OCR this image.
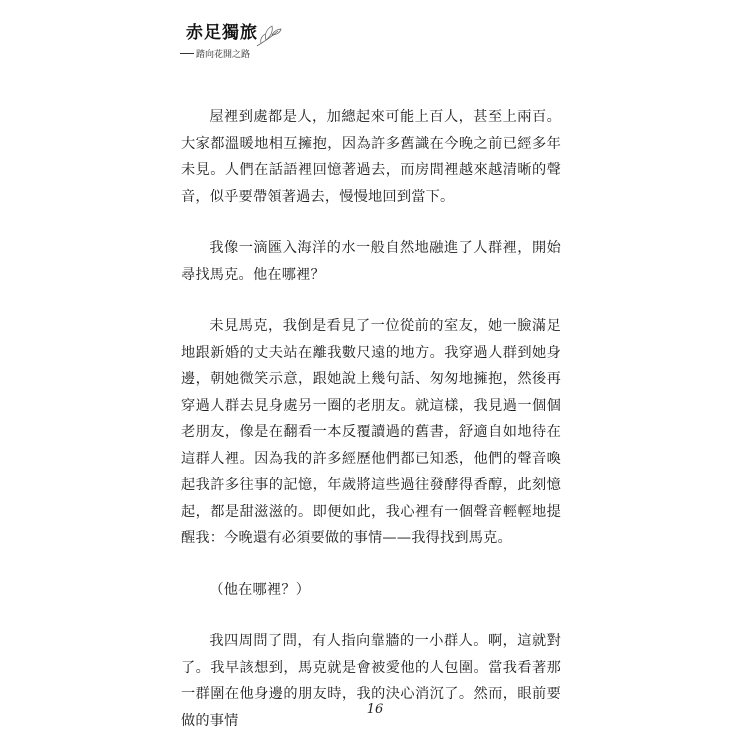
赤足獨旅
踏向花開之路

屋裡到處都是人，加總起來可能上百人，甚至上兩百。大家都溫暖地相互擁抱，因為許多舊識在今晚之前已經多年未見。人們在話語裡回憶著過去，而房間裡越來越清晰的聲音，似乎要帶領著過去，慢慢地回到當下。

我像一滴匯入海洋的水一般自然地融進了人群裡，開始尋找馬克。他在哪裡？

未見馬克，我倒是看見了一位從前的室友，她一臉滿足地跟新婚的丈夫站在離我數尺遠的地方。我穿過人群到她身邊，朝她微笑示意，跟她說上幾句話、匆匆地擁抱，然後再穿過人群去見身處另一圈的老朋友。就這樣，我見過一個個老朋友，像是在翻看一本反覆讀過的舊書，舒適自如地待在這群人裡。因為我的許多經歷他們都已知悉，他們的聲音喚起我許多往事的記憶，年歲將這些過往發酵得香醇，此刻憶起，都是甜滋滋的。即便如此，我心裡有一個聲音輕輕地提醒我：今晚還有必須要做的事情——我得找到馬克。

（他在哪裡？）

我四周問了問，有人指向靠牆的一小群人。啊，這就對了。我早該想到，馬克就是會被愛他的人包圍。當我看著那一群圍在他身邊的朋友時，我的決心消沉了。然而，眼前要做的事情

16
